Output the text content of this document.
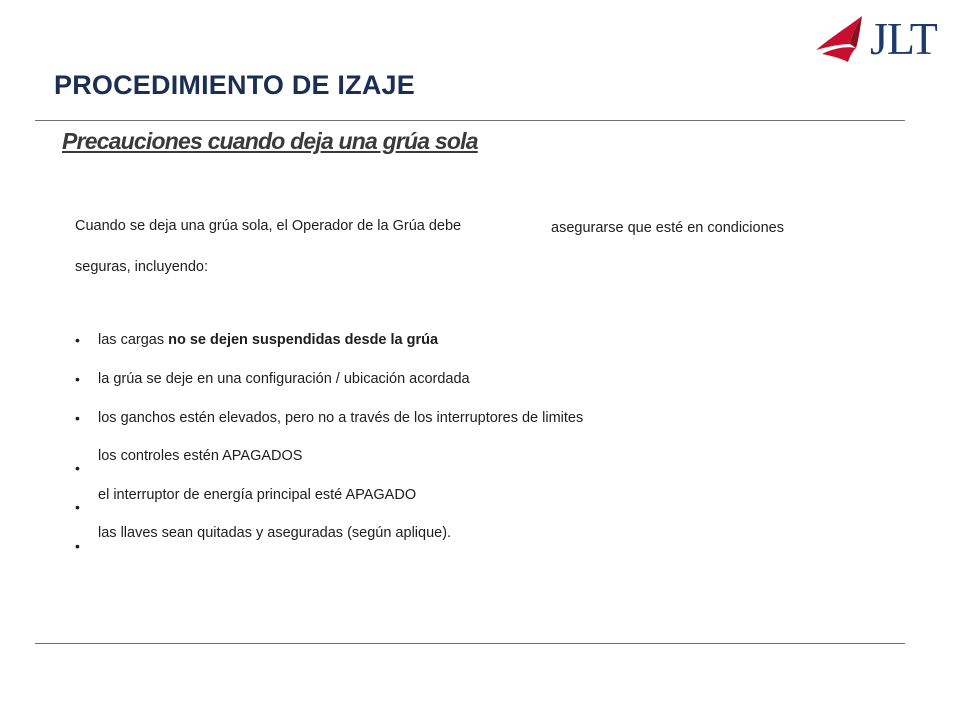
JLT
PROCEDIMIENTO DE IZAJE
Precauciones cuando deja una grúa sola
Cuando se deja una grúa sola, el Operador de la Grúa debe	asegurarse que esté en condiciones
seguras, incluyendo:
• las cargas no se dejen suspendidas desde la grúa
• la grúa se deje en una configuración / ubicación acordada
• los ganchos estén elevados, pero no a través de los interruptores de limites
los controles estén APAGADOS
•
el interruptor de energía principal esté APAGADO
•
las llaves sean quitadas y aseguradas (según aplique).
•
